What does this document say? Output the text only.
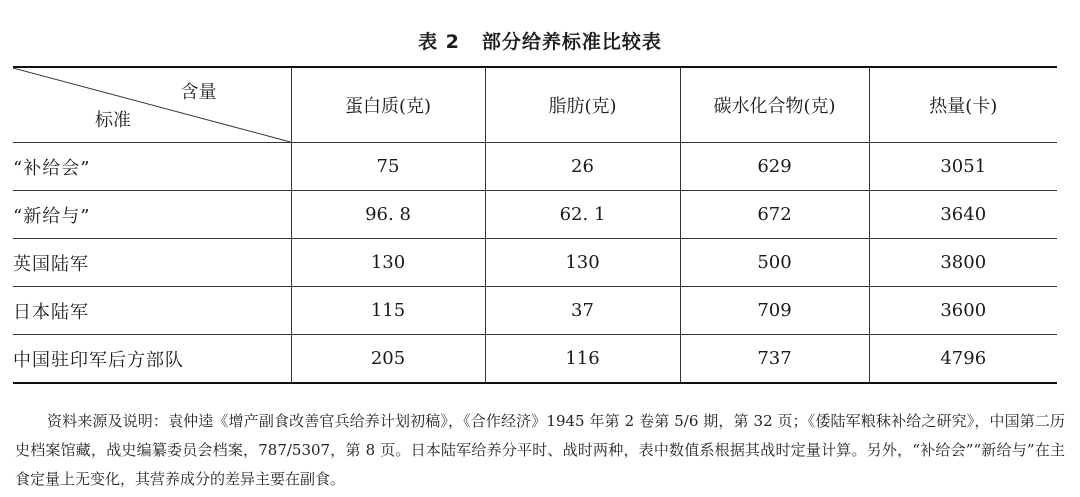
表 2 部分给养标准比较表
含量
标准	蛋白质(克)	脂肪(克)	碳水化合物(克)	热量(卡)
“补给会”	75	26	629	3051
“新给与”	96. 8	62. 1	672	3640
英国陆军	130	130	500	3800
日本陆军	115	37	709	3600
中国驻印军后方部队	205	116	737	4796

资料来源及说明：袁仲逵《增产副食改善官兵给养计划初稿》，《合作经济》1945 年第 2 卷第 5/6 期，第 32 页；《倭陆军粮秣补给之研究》，中国第二历史档案馆藏，战史编纂委员会档案，787/5307，第 8 页。日本陆军给养分平时、战时两种，表中数值系根据其战时定量计算。另外，“补给会”“新给与”在主食定量上无变化，其营养成分的差异主要在副食。
